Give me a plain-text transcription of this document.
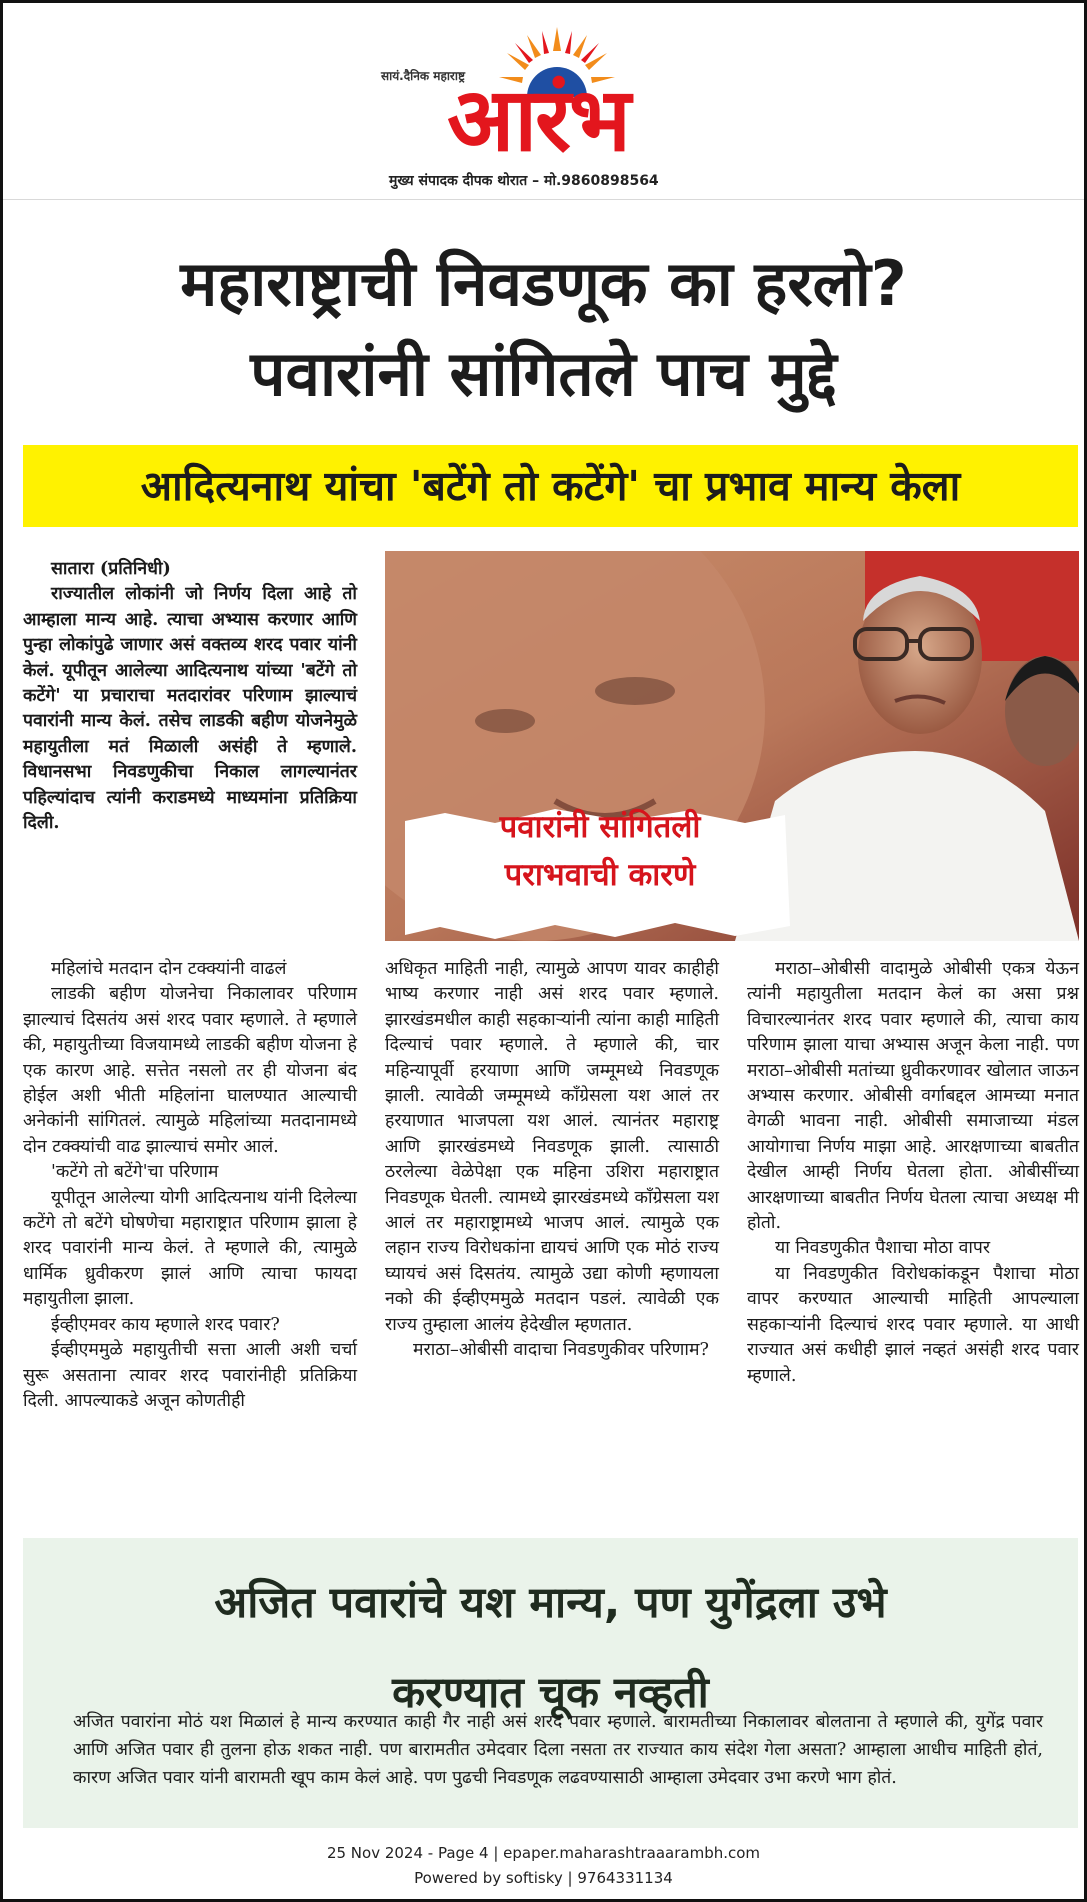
सायं.दैनिक महाराष्ट्र
आरंभ
मुख्य संपादक दीपक थोरात – मो.9860898564
महाराष्ट्राची निवडणूक का हरलो?
पवारांनी सांगितले पाच मुद्दे
आदित्यनाथ यांचा 'बटेंगे तो कटेंगे' चा प्रभाव मान्य केला

सातारा (प्रतिनिधी)

राज्यातील लोकांनी जो निर्णय दिला आहे तो आम्हाला मान्य आहे. त्याचा अभ्यास करणार आणि पुन्हा लोकांपुढे जाणार असं वक्तव्य शरद पवार यांनी केलं. यूपीतून आलेल्या आदित्यनाथ यांच्या 'बटेंगे तो कटेंगे' या प्रचाराचा मतदारांवर परिणाम झाल्याचं पवारांनी मान्य केलं. तसेच लाडकी बहीण योजनेमुळे महायुतीला मतं मिळाली असंही ते म्हणाले. विधानसभा निवडणुकीचा निकाल लागल्यानंतर पहिल्यांदाच त्यांनी कराडमध्ये माध्यमांना प्रतिक्रिया दिली.	पवारांनी सांगितली
पराभवाची कारणे

महिलांचे मतदान दोन टक्क्यांनी वाढलं

लाडकी बहीण योजनेचा निकालावर परिणाम झाल्याचं दिसतंय असं शरद पवार म्हणाले. ते म्हणाले की, महायुतीच्या विजयामध्ये लाडकी बहीण योजना हे एक कारण आहे. सत्तेत नसलो तर ही योजना बंद होईल अशी भीती महिलांना घालण्यात आल्याची अनेकांनी सांगितलं. त्यामुळे महिलांच्या मतदानामध्ये दोन टक्क्यांची वाढ झाल्याचं समोर आलं.

'कटेंगे तो बटेंगे'चा परिणाम

यूपीतून आलेल्या योगी आदित्यनाथ यांनी दिलेल्या कटेंगे तो बटेंगे घोषणेचा महाराष्ट्रात परिणाम झाला हे शरद पवारांनी मान्य केलं. ते म्हणाले की, त्यामुळे धार्मिक ध्रुवीकरण झालं आणि त्याचा फायदा महायुतीला झाला.

ईव्हीएमवर काय म्हणाले शरद पवार?

ईव्हीएममुळे महायुतीची सत्ता आली अशी चर्चा सुरू असताना त्यावर शरद पवारांनीही प्रतिक्रिया दिली. आपल्याकडे अजून कोणतीही

अधिकृत माहिती नाही, त्यामुळे आपण यावर काहीही भाष्य करणार नाही असं शरद पवार म्हणाले. झारखंडमधील काही सहकाऱ्यांनी त्यांना काही माहिती दिल्याचं पवार म्हणाले. ते म्हणाले की, चार महिन्यापूर्वी हरयाणा आणि जम्मूमध्ये निवडणूक झाली. त्यावेळी जम्मूमध्ये काँग्रेसला यश आलं तर हरयाणात भाजपला यश आलं. त्यानंतर महाराष्ट्र आणि झारखंडमध्ये निवडणूक झाली. त्यासाठी ठरलेल्या वेळेपेक्षा एक महिना उशिरा महाराष्ट्रात निवडणूक घेतली. त्यामध्ये झारखंडमध्ये काँग्रेसला यश आलं तर महाराष्ट्रामध्ये भाजप आलं. त्यामुळे एक लहान राज्य विरोधकांना द्यायचं आणि एक मोठं राज्य घ्यायचं असं दिसतंय. त्यामुळे उद्या कोणी म्हणायला नको की ईव्हीएममुळे मतदान पडलं. त्यावेळी एक राज्य तुम्हाला आलंय हेदेखील म्हणतात.

मराठा–ओबीसी वादाचा निवडणुकीवर परिणाम?

मराठा–ओबीसी वादामुळे ओबीसी एकत्र येऊन त्यांनी महायुतीला मतदान केलं का असा प्रश्न विचारल्यानंतर शरद पवार म्हणाले की, त्याचा काय परिणाम झाला याचा अभ्यास अजून केला नाही. पण मराठा–ओबीसी मतांच्या ध्रुवीकरणावर खोलात जाऊन अभ्यास करणार. ओबीसी वर्गाबद्दल आमच्या मनात वेगळी भावना नाही. ओबीसी समाजाच्या मंडल आयोगाचा निर्णय माझा आहे. आरक्षणाच्या बाबतीत देखील आम्ही निर्णय घेतला होता. ओबीसींच्या आरक्षणाच्या बाबतीत निर्णय घेतला त्याचा अध्यक्ष मी होतो.

या निवडणुकीत पैशाचा मोठा वापर

या निवडणुकीत विरोधकांकडून पैशाचा मोठा वापर करण्यात आल्याची माहिती आपल्याला सहकाऱ्यांनी दिल्याचं शरद पवार म्हणाले. या आधी राज्यात असं कधीही झालं नव्हतं असंही शरद पवार म्हणाले.

अजित पवारांचे यश मान्य, पण युगेंद्रला उभे
करण्यात चूक नव्हती
अजित पवारांना मोठं यश मिळालं हे मान्य करण्यात काही गैर नाही असं शरद पवार म्हणाले. बारामतीच्या निकालावर बोलताना ते म्हणाले की, युगेंद्र पवार आणि अजित पवार ही तुलना होऊ शकत नाही. पण बारामतीत उमेदवार दिला नसता तर राज्यात काय संदेश गेला असता? आम्हाला आधीच माहिती होतं, कारण अजित पवार यांनी बारामती खूप काम केलं आहे. पण पुढची निवडणूक लढवण्यासाठी आम्हाला उमेदवार उभा करणे भाग होतं.
25 Nov 2024 - Page 4 | epaper.maharashtraaarambh.com
Powered by softisky | 9764331134
